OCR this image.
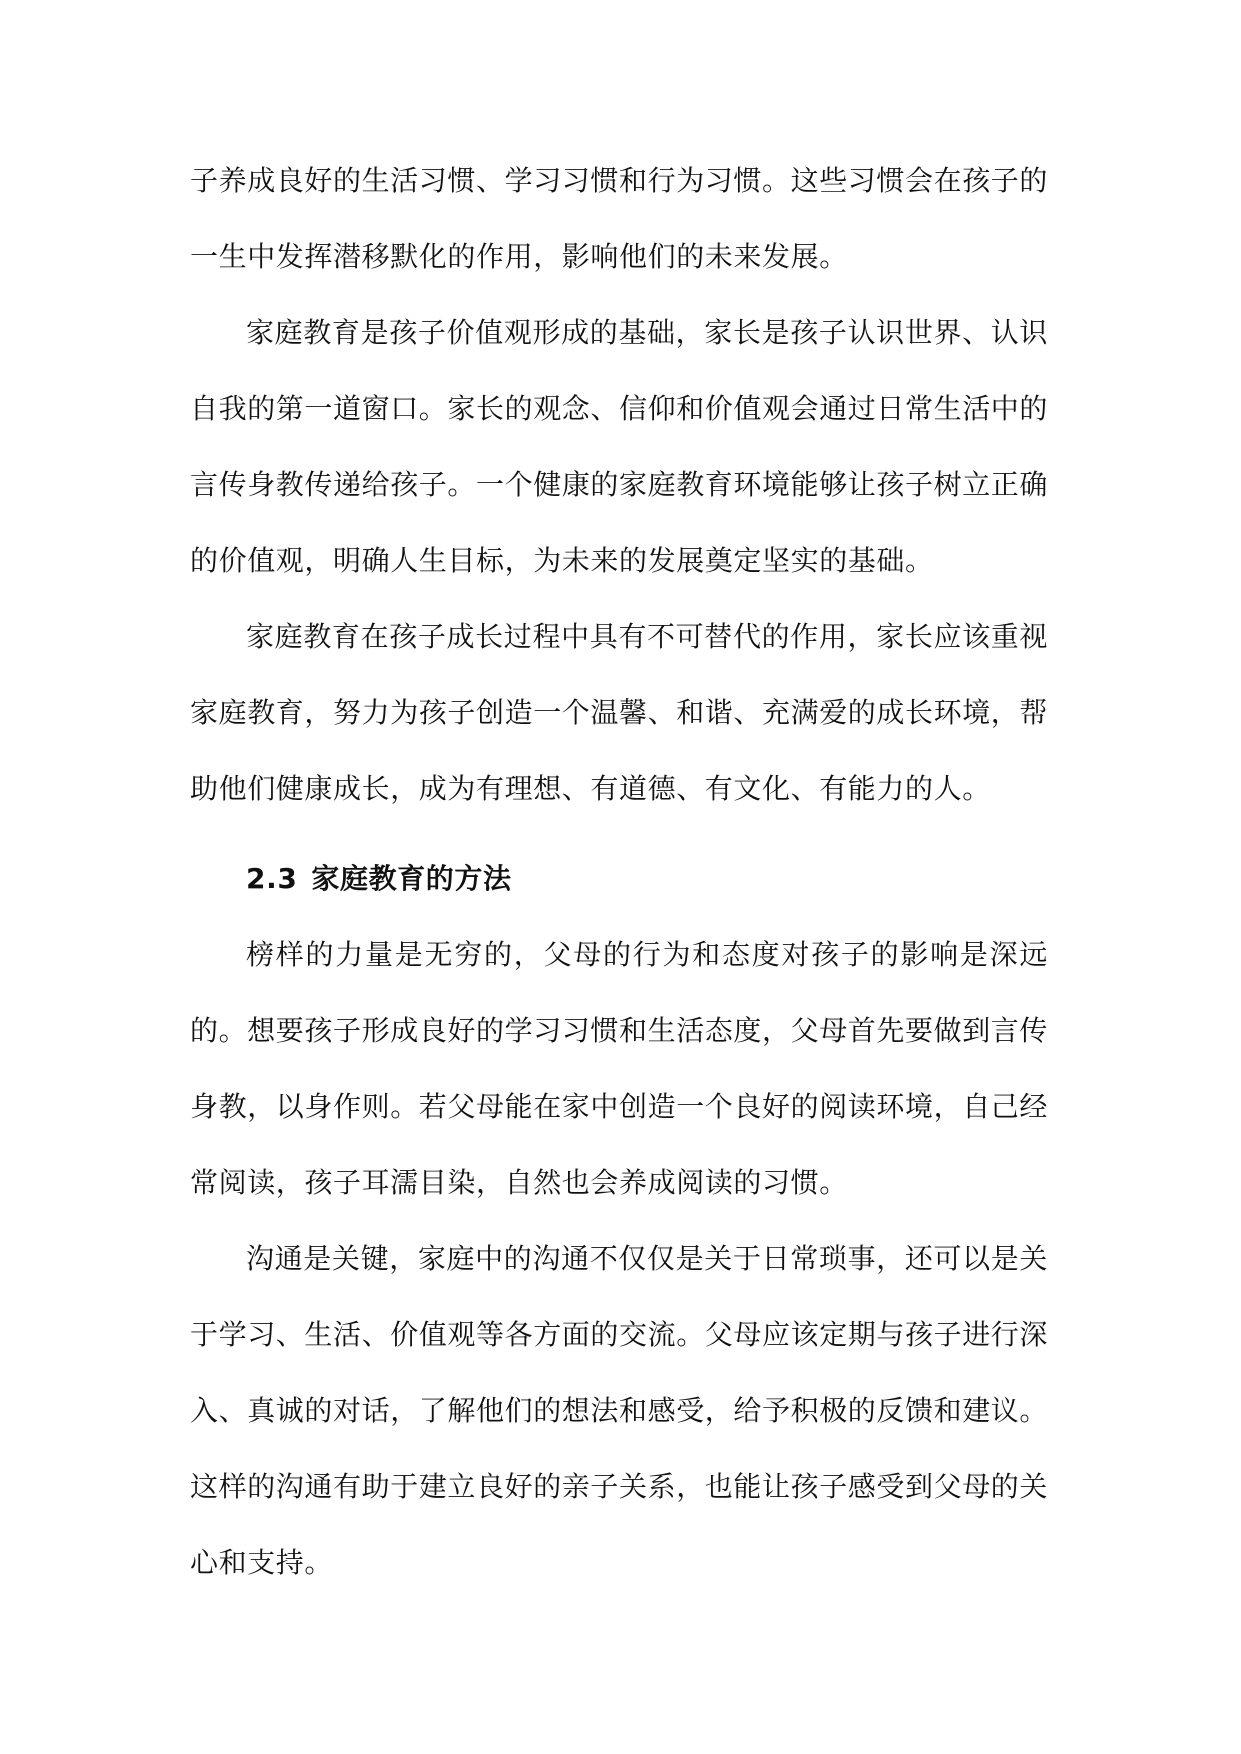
子养成良好的生活习惯、学习习惯和行为习惯。这些习惯会在孩子的一生中发挥潜移默化的作用，影响他们的未来发展。

家庭教育是孩子价值观形成的基础，家长是孩子认识世界、认识自我的第一道窗口。家长的观念、信仰和价值观会通过日常生活中的言传身教传递给孩子。一个健康的家庭教育环境能够让孩子树立正确的价值观，明确人生目标，为未来的发展奠定坚实的基础。

家庭教育在孩子成长过程中具有不可替代的作用，家长应该重视家庭教育，努力为孩子创造一个温馨、和谐、充满爱的成长环境，帮助他们健康成长，成为有理想、有道德、有文化、有能力的人。

2.3 家庭教育的方法

榜样的力量是无穷的，父母的行为和态度对孩子的影响是深远的。想要孩子形成良好的学习习惯和生活态度，父母首先要做到言传身教，以身作则。若父母能在家中创造一个良好的阅读环境，自己经常阅读，孩子耳濡目染，自然也会养成阅读的习惯。

沟通是关键，家庭中的沟通不仅仅是关于日常琐事，还可以是关于学习、生活、价值观等各方面的交流。父母应该定期与孩子进行深入、真诚的对话，了解他们的想法和感受，给予积极的反馈和建议。这样的沟通有助于建立良好的亲子关系，也能让孩子感受到父母的关心和支持。
